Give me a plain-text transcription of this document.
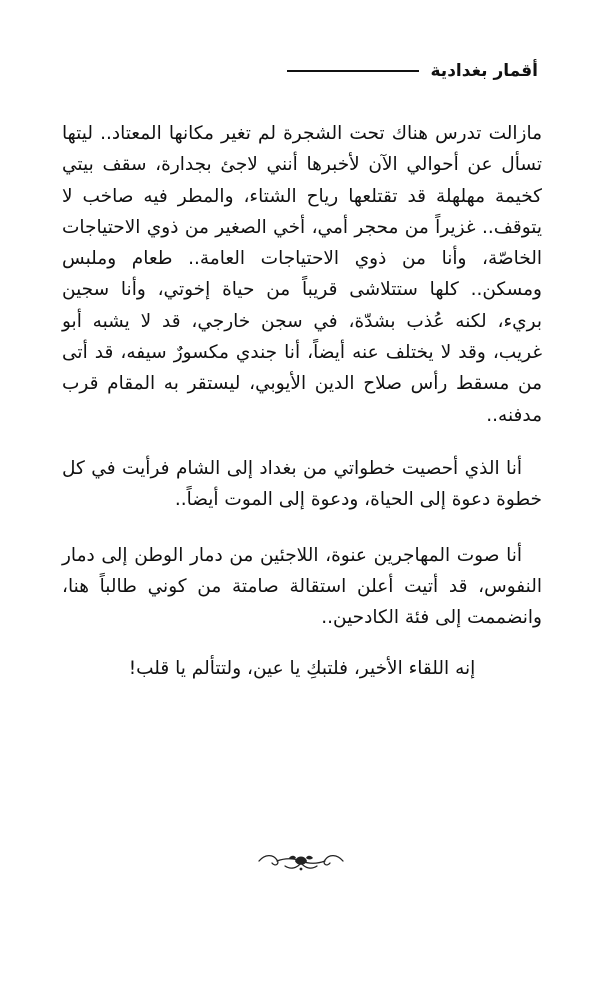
أقمار بغدادية

مازالت تدرس هناك تحت الشجرة لم تغير مكانها المعتاد.. ليتها تسأل عن أحوالي الآن لأخبرها أنني لاجئ بجدارة، سقف بيتي كخيمة مهلهلة قد تقتلعها رياح الشتاء، والمطر فيه صاخب لا يتوقف.. غزيراً من محجر أمي، أخي الصغير من ذوي الاحتياجات الخاصّة، وأنا من ذوي الاحتياجات العامة.. طعام وملبس ومسكن.. كلها ستتلاشى قريباً من حياة إخوتي، وأنا سجين بريء، لكنه عُذب بشدّة، في سجن خارجي، قد لا يشبه أبو غريب، وقد لا يختلف عنه أيضاً، أنا جندي مكسورٌ سيفه، قد أتى من مسقط رأس صلاح الدين الأيوبي، ليستقر به المقام قرب مدفنه..

أنا الذي أحصيت خطواتي من بغداد إلى الشام فرأيت في كل خطوة دعوة إلى الحياة، ودعوة إلى الموت أيضاً..

أنا صوت المهاجرين عنوة، اللاجئين من دمار الوطن إلى دمار النفوس، قد أتيت أعلن استقالة صامتة من كوني طالباً هنا، وانضممت إلى فئة الكادحين..

إنه اللقاء الأخير، فلتبكِ يا عين، ولتتألم يا قلب!
